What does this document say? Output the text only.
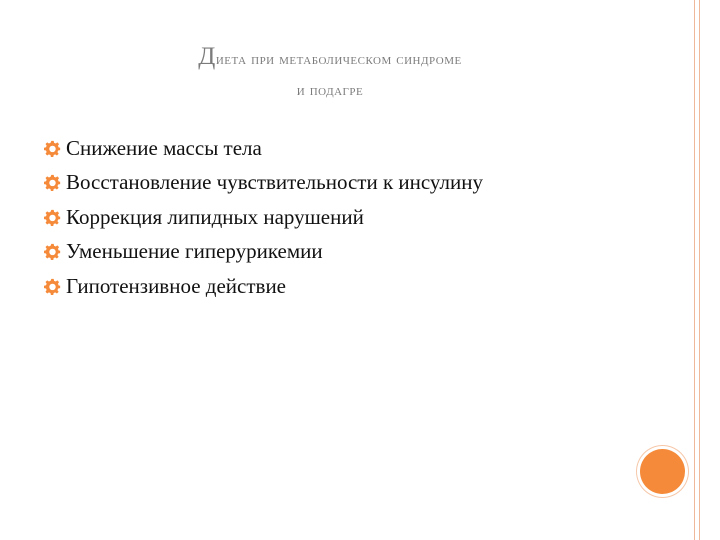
Диета при метаболическом синдроме
и подагре
Снижение массы тела
Восстановление чувствительности к инсулину
Коррекция липидных нарушений
Уменьшение гиперурикемии
Гипотензивное действие
